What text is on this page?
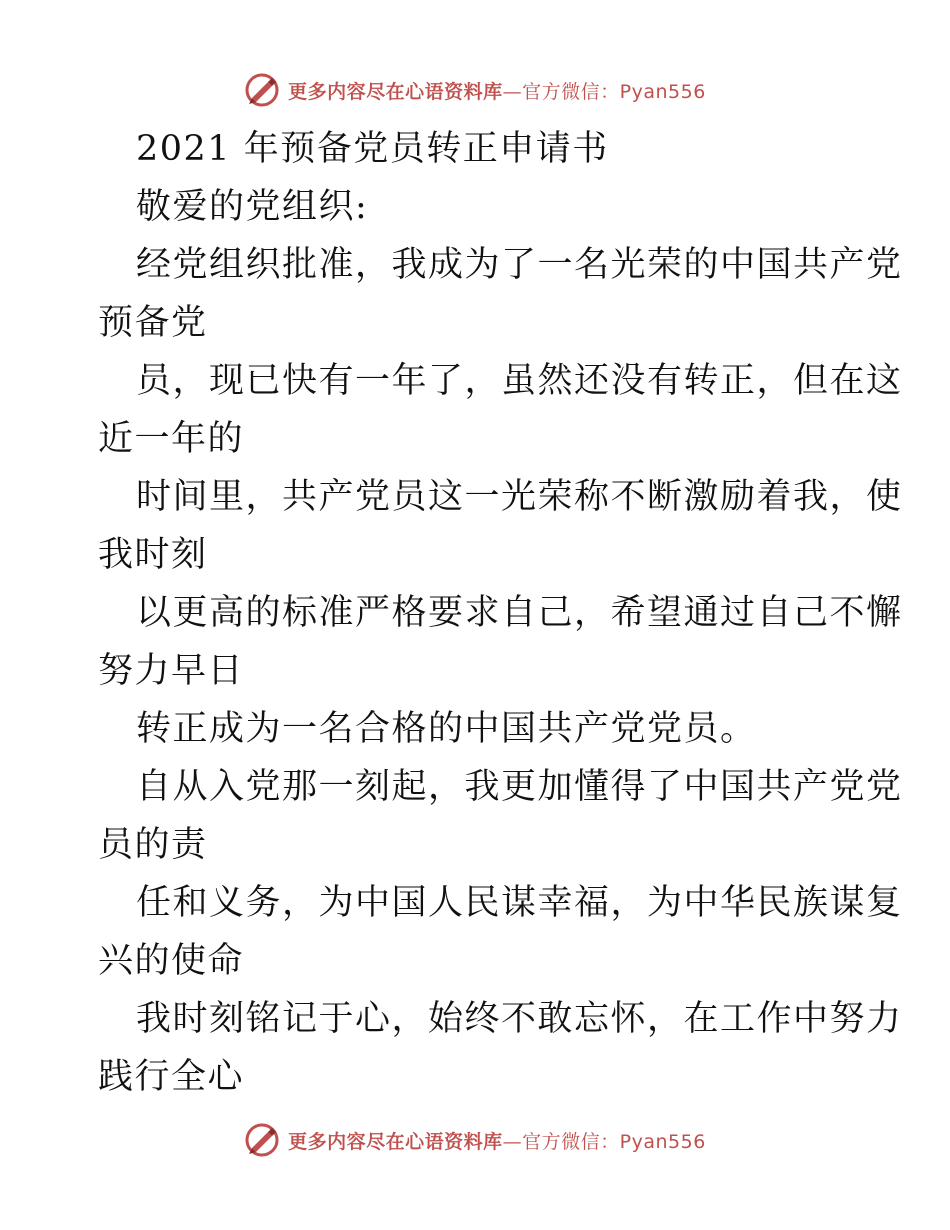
更多内容尽在心语资料库—官方微信：Pyan556
2021 年预备党员转正申请书
敬爱的党组织:
经党组织批准，我成为了一名光荣的中国共产党
预备党
员，现已快有一年了，虽然还没有转正，但在这
近一年的
时间里，共产党员这一光荣称不断激励着我，使
我时刻
以更高的标准严格要求自己，希望通过自己不懈
努力早日
转正成为一名合格的中国共产党党员。
自从入党那一刻起，我更加懂得了中国共产党党
员的责
任和义务，为中国人民谋幸福，为中华民族谋复
兴的使命
我时刻铭记于心，始终不敢忘怀，在工作中努力
践行全心
更多内容尽在心语资料库—官方微信：Pyan556
